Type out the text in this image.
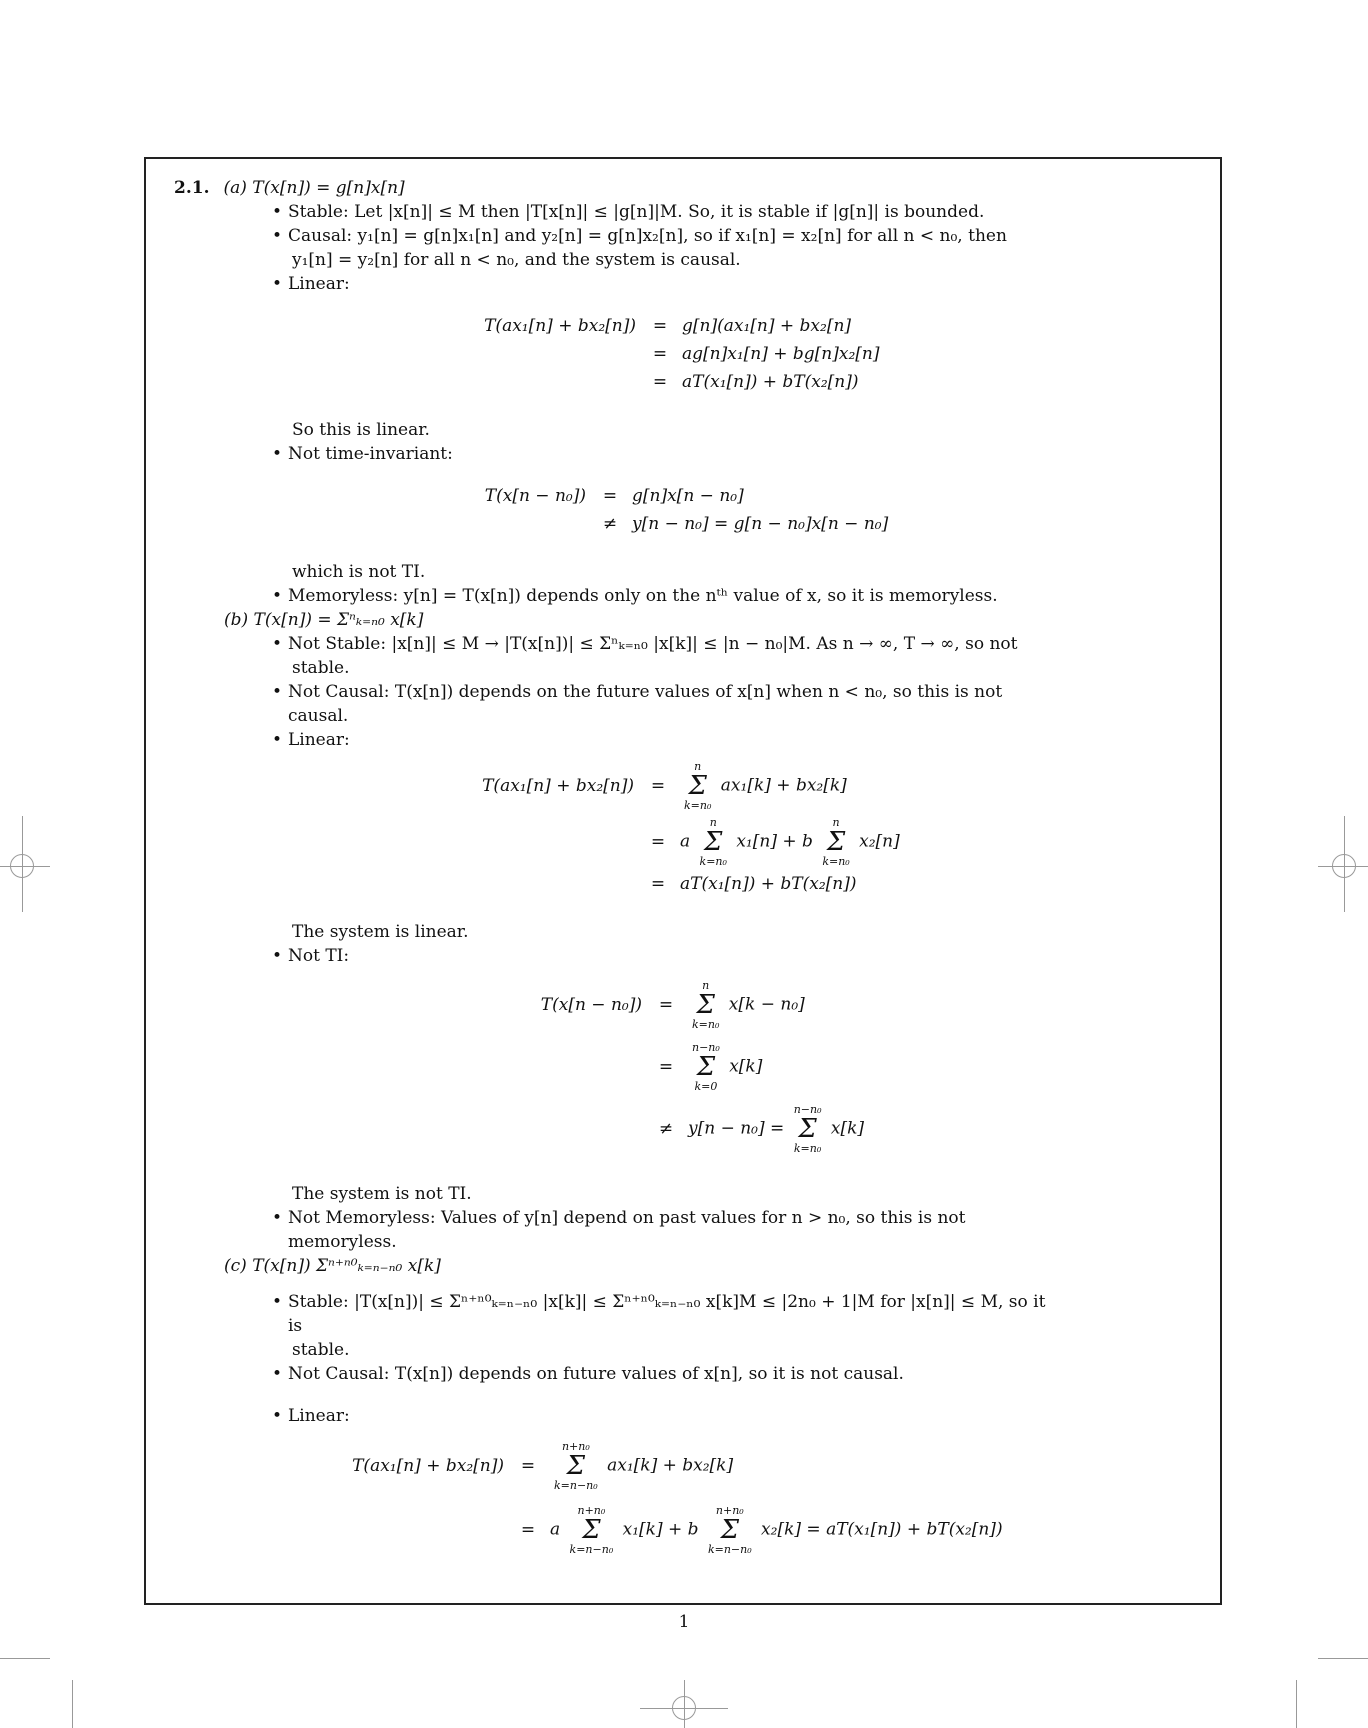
2.1. (a) T(x[n]) = g[n]x[n]

• Stable: Let |x[n]| ≤ M then |T[x[n]| ≤ |g[n]|M. So, it is stable if |g[n]| is bounded.

• Causal: y₁[n] = g[n]x₁[n] and y₂[n] = g[n]x₂[n], so if x₁[n] = x₂[n] for all n < n₀, then

y₁[n] = y₂[n] for all n < n₀, and the system is causal.

• Linear:

T(ax₁[n] + bx₂[n]) = g[n](ax₁[n] + bx₂[n]
= ag[n]x₁[n] + bg[n]x₂[n]
= aT(x₁[n]) + bT(x₂[n])

So this is linear.

• Not time-invariant:

T(x[n − n₀]) = g[n]x[n − n₀]
≠ y[n − n₀] = g[n − n₀]x[n − n₀]

which is not TI.

• Memoryless: y[n] = T(x[n]) depends only on the nᵗʰ value of x, so it is memoryless.

(b) T(x[n]) = Σⁿₖ₌ₙ₀ x[k]

• Not Stable: |x[n]| ≤ M → |T(x[n])| ≤ Σⁿₖ₌ₙ₀ |x[k]| ≤ |n − n₀|M. As n → ∞, T → ∞, so not

stable.

• Not Causal: T(x[n]) depends on the future values of x[n] when n < n₀, so this is not causal.

• Linear:

T(ax₁[n] + bx₂[n]) =
n
Σ
k=n₀
ax₁[k] + bx₂[k]
= a
n
Σ
k=n₀
x₁[n] + b
n
Σ
k=n₀
x₂[n]
= aT(x₁[n]) + bT(x₂[n])

The system is linear.

• Not TI:

T(x[n − n₀]) =
n
Σ
k=n₀
x[k − n₀]
=
n−n₀
Σ
k=0
x[k]
≠ y[n − n₀] =
n−n₀
Σ
k=n₀
x[k]

The system is not TI.

• Not Memoryless: Values of y[n] depend on past values for n > n₀, so this is not memoryless.

(c) T(x[n]) Σⁿ⁺ⁿ⁰ₖ₌ₙ₋ₙ₀ x[k]

• Stable: |T(x[n])| ≤ Σⁿ⁺ⁿ⁰ₖ₌ₙ₋ₙ₀ |x[k]| ≤ Σⁿ⁺ⁿ⁰ₖ₌ₙ₋ₙ₀ x[k]M ≤ |2n₀ + 1|M for |x[n]| ≤ M, so it is

stable.

• Not Causal: T(x[n]) depends on future values of x[n], so it is not causal.

• Linear:

T(ax₁[n] + bx₂[n]) =
n+n₀
Σ
k=n−n₀
ax₁[k] + bx₂[k]
= a
n+n₀
Σ
k=n−n₀
x₁[k] + b
n+n₀
Σ
k=n−n₀
x₂[k] = aT(x₁[n]) + bT(x₂[n])
1
